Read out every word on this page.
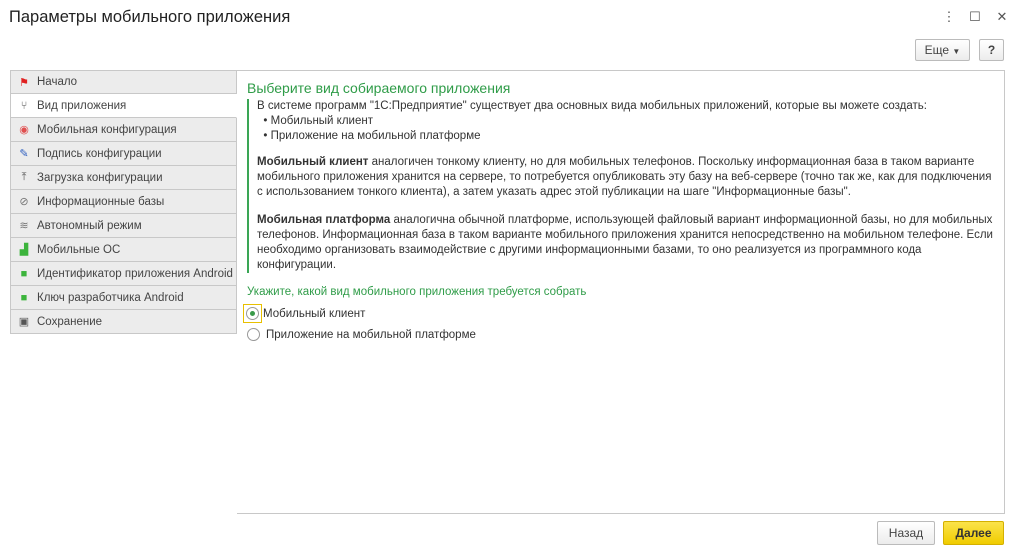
Параметры мобильного приложения	⋮ ☐ ✕
Еще ▼	?
⚑ Начало
⑂ Вид приложения
◉ Мобильная конфигурация
✎ Подпись конфигурации
⤒ Загрузка конфигурации
⊘ Информационные базы
≋ Автономный режим
▟ Мобильные ОС
■ Идентификатор приложения Android
■ Ключ разработчика Android
▣ Сохранение
Выберите вид собираемого приложения

В системе программ "1С:Предприятие" существует два основных вида мобильных приложений, которые вы можете создать:

• Мобильный клиент

• Приложение на мобильной платформе

Мобильный клиент аналогичен тонкому клиенту, но для мобильных телефонов. Поскольку информационная база в таком варианте

мобильного приложения хранится на сервере, то потребуется опубликовать эту базу на веб-сервере (точно так же, как для подключения

с использованием тонкого клиента), а затем указать адрес этой публикации на шаге "Информационные базы".

Мобильная платформа аналогична обычной платформе, использующей файловый вариант информационной базы, но для мобильных

телефонов. Информационная база в таком варианте мобильного приложения хранится непосредственно на мобильном телефоне. Если

необходимо организовать взаимодействие с другими информационными базами, то оно реализуется из программного кода

конфигурации.

Укажите, какой вид мобильного приложения требуется собрать
Мобильный клиент
Приложение на мобильной платформе
Назад	Далее
